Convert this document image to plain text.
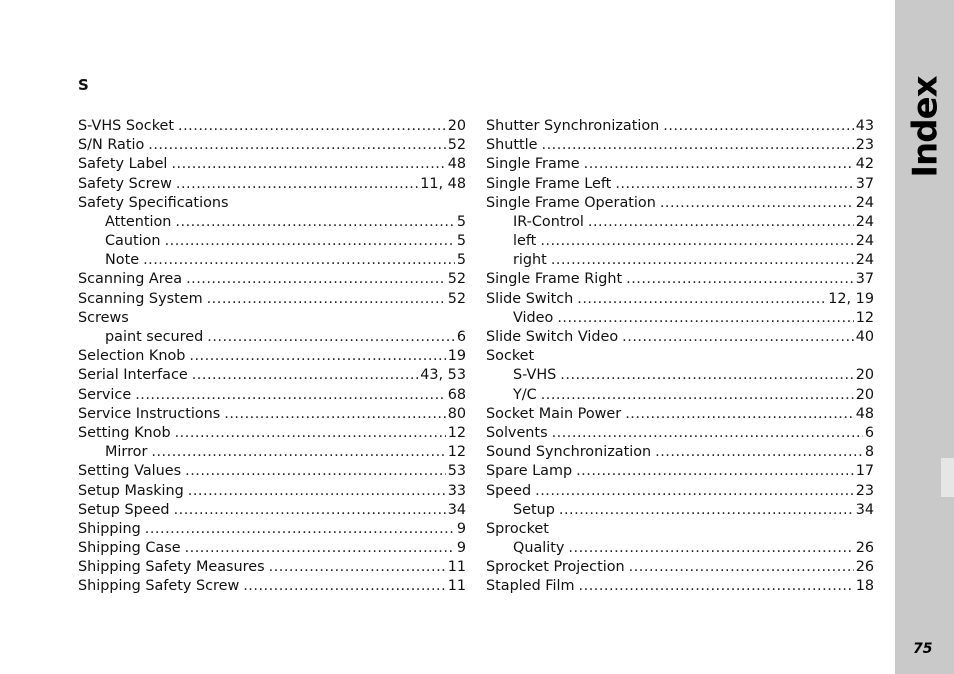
S
S-VHS Socket .....	20
S/N Ratio .....	52
Safety Label .....	48
Safety Screw .....	11, 48
Safety Specifications
Attention .....	5
Caution .....	5
Note .....	5
Scanning Area .....	52
Scanning System .....	52
Screws
paint secured .....	6
Selection Knob .....	19
Serial Interface .....	43, 53
Service .....	68
Service Instructions .....	80
Setting Knob .....	12
Mirror .....	12
Setting Values .....	53
Setup Masking .....	33
Setup Speed .....	34
Shipping .....	9
Shipping Case .....	9
Shipping Safety Measures .....	11
Shipping Safety Screw .....	11
Shutter Synchronization .....	43
Shuttle .....	23
Single Frame .....	42
Single Frame Left .....	37
Single Frame Operation .....	24
IR-Control .....	24
left .....	24
right .....	24
Single Frame Right .....	37
Slide Switch .....	12, 19
Video .....	12
Slide Switch Video .....	40
Socket
S-VHS .....	20
Y/C .....	20
Socket Main Power .....	48
Solvents .....	6
Sound Synchronization .....	8
Spare Lamp .....	17
Speed .....	23
Setup .....	34
Sprocket
Quality .....	26
Sprocket Projection .....	26
Stapled Film .....	18
Index
75
